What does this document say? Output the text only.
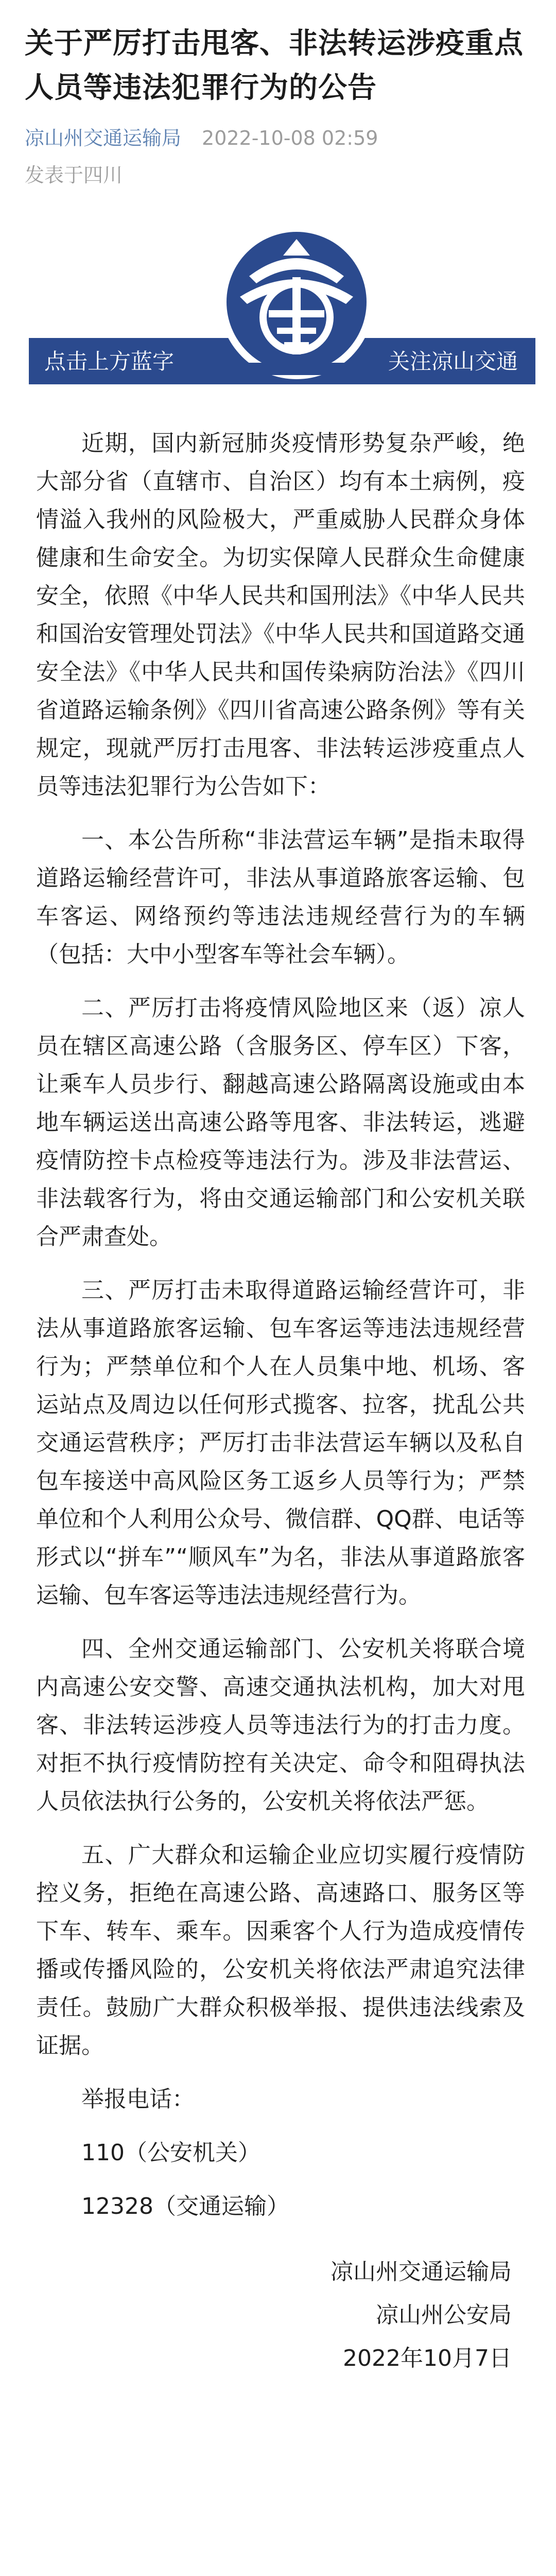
关于严厉打击甩客、非法转运涉疫重点人员等违法犯罪行为的公告
凉山州交通运输局 2022-10-08 02:59
发表于四川
点击上方蓝字	关注凉山交通

近期，国内新冠肺炎疫情形势复杂严峻，绝大部分省（直辖市、自治区）均有本土病例，疫情溢入我州的风险极大，严重威胁人民群众身体健康和生命安全。为切实保障人民群众生命健康安全，依照《中华人民共和国刑法》《中华人民共和国治安管理处罚法》《中华人民共和国道路交通安全法》《中华人民共和国传染病防治法》《四川省道路运输条例》《四川省高速公路条例》等有关规定，现就严厉打击甩客、非法转运涉疫重点人员等违法犯罪行为公告如下：

一、本公告所称“非法营运车辆”是指未取得道路运输经营许可，非法从事道路旅客运输、包车客运、网络预约等违法违规经营行为的车辆（包括：大中小型客车等社会车辆）。

二、严厉打击将疫情风险地区来（返）凉人员在辖区高速公路（含服务区、停车区）下客，让乘车人员步行、翻越高速公路隔离设施或由本地车辆运送出高速公路等甩客、非法转运，逃避疫情防控卡点检疫等违法行为。涉及非法营运、非法载客行为，将由交通运输部门和公安机关联合严肃查处。

三、严厉打击未取得道路运输经营许可，非法从事道路旅客运输、包车客运等违法违规经营行为；严禁单位和个人在人员集中地、机场、客运站点及周边以任何形式揽客、拉客，扰乱公共交通运营秩序；严厉打击非法营运车辆以及私自包车接送中高风险区务工返乡人员等行为；严禁单位和个人利用公众号、微信群、QQ群、电话等形式以“拼车”“顺风车”为名，非法从事道路旅客运输、包车客运等违法违规经营行为。

四、全州交通运输部门、公安机关将联合境内高速公安交警、高速交通执法机构，加大对甩客、非法转运涉疫人员等违法行为的打击力度。对拒不执行疫情防控有关决定、命令和阻碍执法人员依法执行公务的，公安机关将依法严惩。

五、广大群众和运输企业应切实履行疫情防控义务，拒绝在高速公路、高速路口、服务区等下车、转车、乘车。因乘客个人行为造成疫情传播或传播风险的，公安机关将依法严肃追究法律责任。鼓励广大群众积极举报、提供违法线索及证据。

举报电话：
110（公安机关）
12328（交通运输）
凉山州交通运输局
凉山州公安局
2022年10月7日
